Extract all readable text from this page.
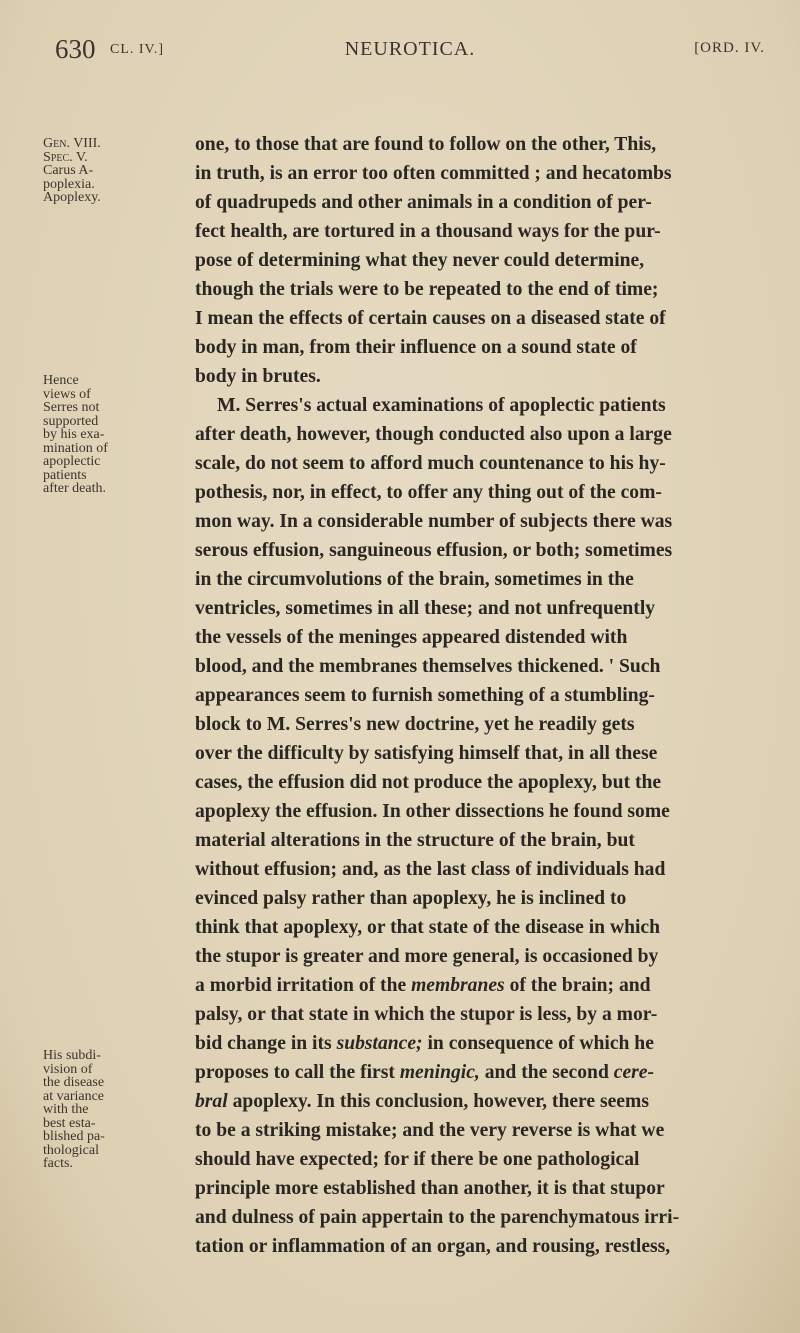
630 CL. IV.]	NEUROTICA.	[ORD. IV.
Gen. VIII.
Spec. V.
Carus A-
poplexia.
Apoplexy.
Hence
views of
Serres not
supported
by his exa-
mination of
apoplectic
patients
after death.
His subdi-
vision of
the disease
at variance
with the
best esta-
blished pa-
thological
facts.
one, to those that are found to follow on the other, This,
in truth, is an error too often committed ; and hecatombs
of quadrupeds and other animals in a condition of per-
fect health, are tortured in a thousand ways for the pur-
pose of determining what they never could determine,
though the trials were to be repeated to the end of time;
I mean the effects of certain causes on a diseased state of
body in man, from their influence on a sound state of
body in brutes.
M. Serres's actual examinations of apoplectic patients
after death, however, though conducted also upon a large
scale, do not seem to afford much countenance to his hy-
pothesis, nor, in effect, to offer any thing out of the com-
mon way. In a considerable number of subjects there was
serous effusion, sanguineous effusion, or both; sometimes
in the circumvolutions of the brain, sometimes in the
ventricles, sometimes in all these; and not unfrequently
the vessels of the meninges appeared distended with
blood, and the membranes themselves thickened. ' Such
appearances seem to furnish something of a stumbling-
block to M. Serres's new doctrine, yet he readily gets
over the difficulty by satisfying himself that, in all these
cases, the effusion did not produce the apoplexy, but the
apoplexy the effusion. In other dissections he found some
material alterations in the structure of the brain, but
without effusion; and, as the last class of individuals had
evinced palsy rather than apoplexy, he is inclined to
think that apoplexy, or that state of the disease in which
the stupor is greater and more general, is occasioned by
a morbid irritation of the membranes of the brain; and
palsy, or that state in which the stupor is less, by a mor-
bid change in its substance; in consequence of which he
proposes to call the first meningic, and the second cere-
bral apoplexy. In this conclusion, however, there seems
to be a striking mistake; and the very reverse is what we
should have expected; for if there be one pathological
principle more established than another, it is that stupor
and dulness of pain appertain to the parenchymatous irri-
tation or inflammation of an organ, and rousing, restless,
